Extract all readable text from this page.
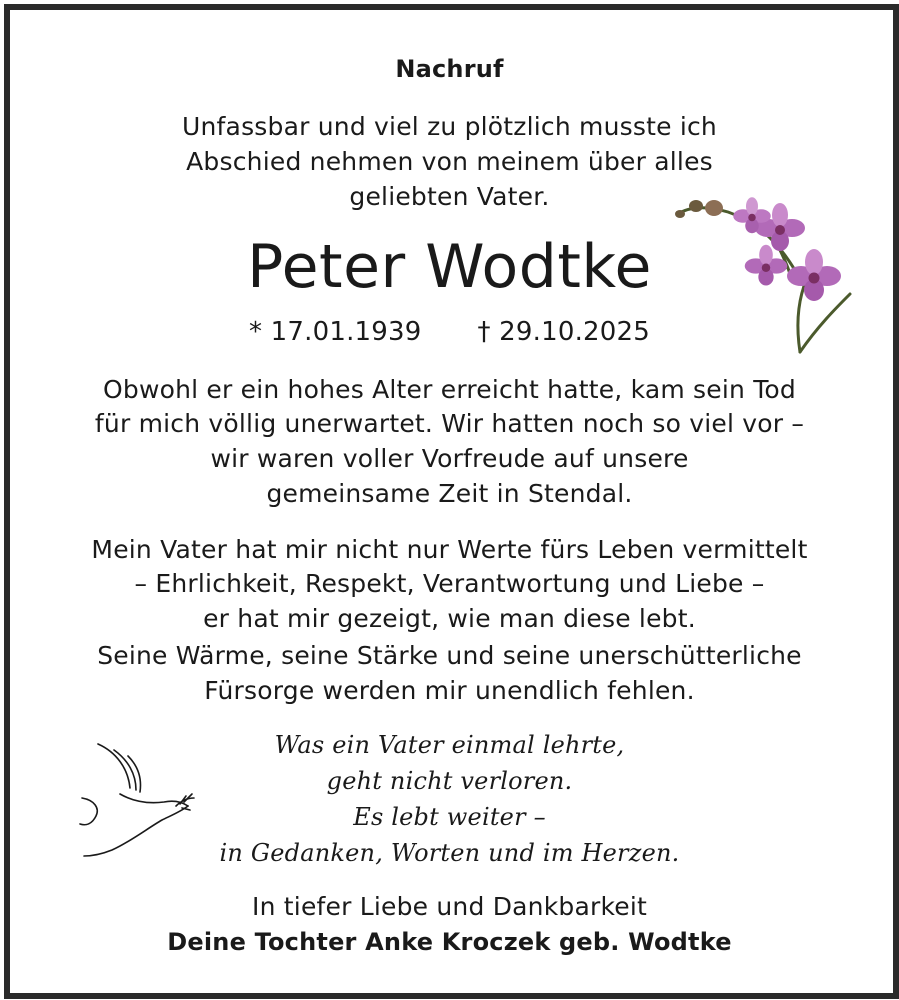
Nachruf
Unfassbar und viel zu plötzlich musste ich
Abschied nehmen von meinem über alles
geliebten Vater.
Peter Wodtke
* 17.01.1939 † 29.10.2025
Obwohl er ein hohes Alter erreicht hatte, kam sein Tod
für mich völlig unerwartet. Wir hatten noch so viel vor –
wir waren voller Vorfreude auf unsere
gemeinsame Zeit in Stendal.
Mein Vater hat mir nicht nur Werte fürs Leben vermittelt
– Ehrlichkeit, Respekt, Verantwortung und Liebe –
er hat mir gezeigt, wie man diese lebt.
Seine Wärme, seine Stärke und seine unerschütterliche
Fürsorge werden mir unendlich fehlen.
Was ein Vater einmal lehrte,
geht nicht verloren.
Es lebt weiter –
in Gedanken, Worten und im Herzen.
In tiefer Liebe und Dankbarkeit
Deine Tochter Anke Kroczek geb. Wodtke
